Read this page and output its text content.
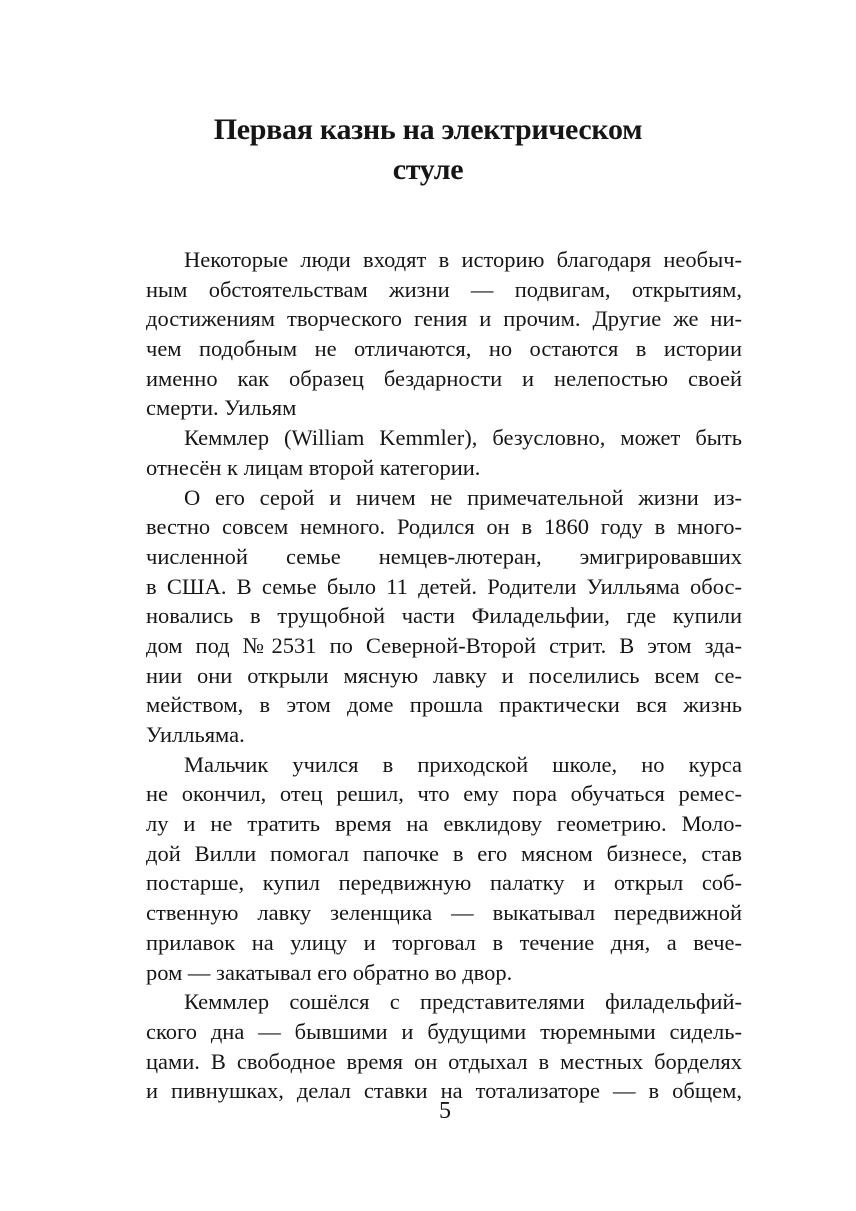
Первая казнь на электрическом
стуле
Некоторые люди входят в историю благодаря необыч-
ным обстоятельствам жизни — подвигам, открытиям,
достижениям творческого гения и прочим. Другие же ни-
чем подобным не отличаются, но остаются в истории
именно как образец бездарности и нелепостью своей
смерти. Уильям
Кеммлер (William Kemmler), безусловно, может быть
отнесён к лицам второй категории.
О его серой и ничем не примечательной жизни из-
вестно совсем немного. Родился он в 1860 году в много-
численной семье немцев-лютеран, эмигрировавших
в США. В семье было 11 детей. Родители Уилльяма обос-
новались в трущобной части Филадельфии, где купили
дом под №2531 по Северной-Второй стрит. В этом зда-
нии они открыли мясную лавку и поселились всем се-
мейством, в этом доме прошла практически вся жизнь
Уилльяма.
Мальчик учился в приходской школе, но курса
не окончил, отец решил, что ему пора обучаться ремес-
лу и не тратить время на евклидову геометрию. Моло-
дой Вилли помогал папочке в его мясном бизнесе, став
постарше, купил передвижную палатку и открыл соб-
ственную лавку зеленщика — выкатывал передвижной
прилавок на улицу и торговал в течение дня, а вече-
ром — закатывал его обратно во двор.
Кеммлер сошёлся с представителями филадельфий-
ского дна — бывшими и будущими тюремными сидель-
цами. В свободное время он отдыхал в местных борделях
и пивнушках, делал ставки на тотализаторе — в общем,
5
